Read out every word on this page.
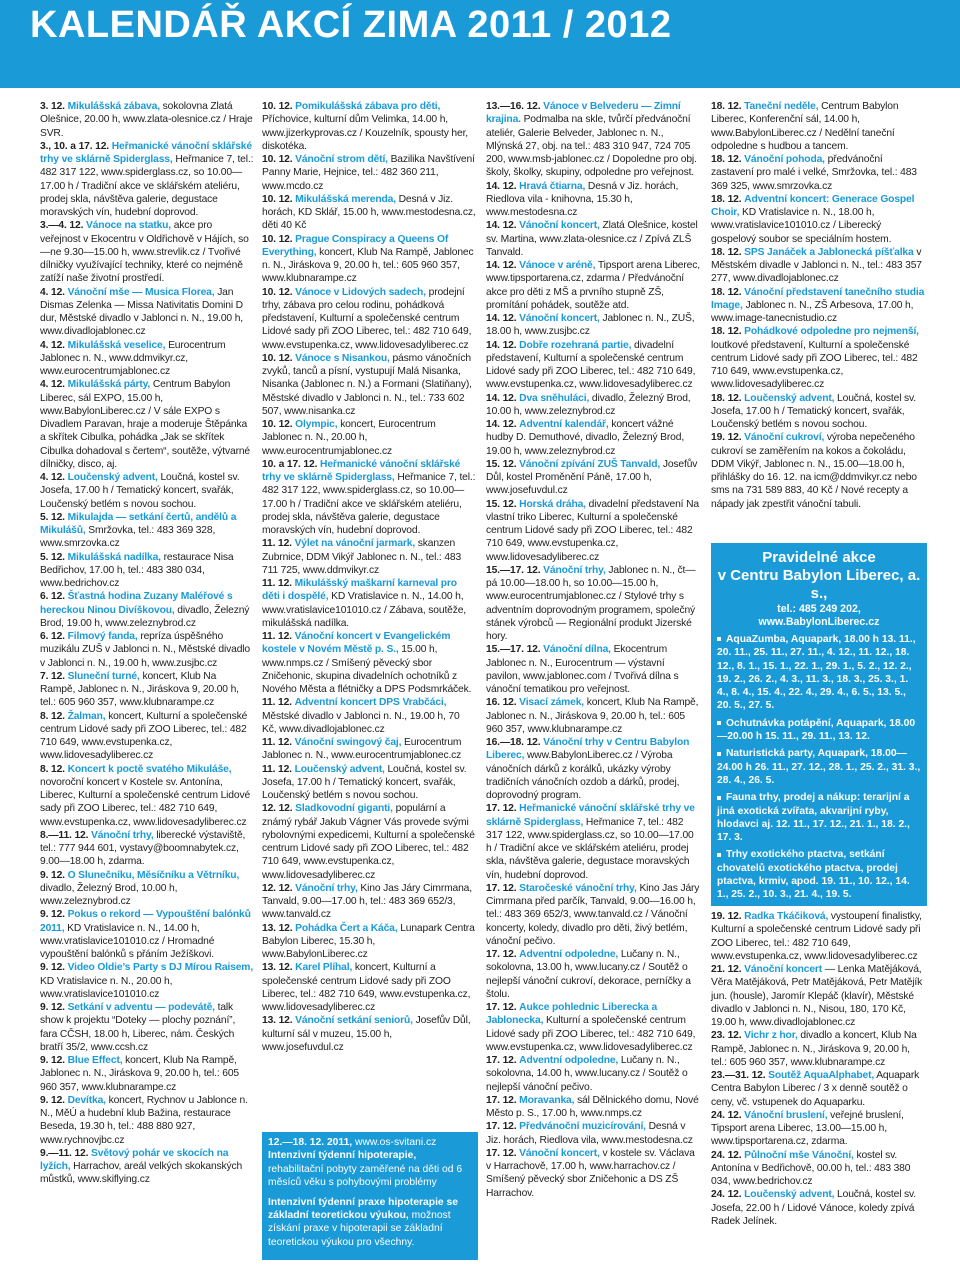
KALENDÁŘ AKCÍ ZIMA 2011 / 2012

3. 12. Mikulášská zábava, sokolovna Zlatá Olešnice, 20.00 h, www.zlata-olesnice.cz / Hraje SVR.

3., 10. a 17. 12. Heřmanické vánoční sklářské trhy ve sklárně Spiderglass, Heřmanice 7, tel.: 482 317 122, www.spiderglass.cz, so 10.00—17.00 h / Tradiční akce ve sklářském ateliéru, prodej skla, návštěva galerie, degustace moravských vín, hudební doprovod.

3.—4. 12. Vánoce na statku, akce pro veřejnost v Ekocentru v Oldřichově v Hájích, so—ne 9.30—15.00 h, www.strevlik.cz / Tvořivé dílničky využívající techniky, které co nejméně zatíží naše životní prostředí.

4. 12. Vánoční mše — Musica Florea, Jan Dismas Zelenka — Missa Nativitatis Domini D dur, Městské divadlo v Jablonci n. N., 19.00 h, www.divadlojablonec.cz

4. 12. Mikulášská veselice, Eurocentrum Jablonec n. N., www.ddmvikyr.cz, www.eurocentrumjablonec.cz

4. 12. Mikulášská párty, Centrum Babylon Liberec, sál EXPO, 15.00 h, www.BabylonLiberec.cz / V sále EXPO s Divadlem Paravan, hraje a moderuje Štěpánka a skřítek Cibulka, pohádka „Jak se skřítek Cibulka dohadoval s čertem“, soutěže, výtvarné dílničky, disco, aj.

4. 12. Loučenský advent, Loučná, kostel sv. Josefa, 17.00 h / Tematický koncert, svařák, Loučenský betlém s novou sochou.

5. 12. Mikulajda — setkání čertů, andělů a Mikulášů, Smržovka, tel.: 483 369 328, www.smrzovka.cz

5. 12. Mikulášská nadílka, restaurace Nisa Bedřichov, 17.00 h, tel.: 483 380 034, www.bedrichov.cz

6. 12. Šťastná hodina Zuzany Maléřové s hereckou Ninou Divíškovou, divadlo, Železný Brod, 19.00 h, www.zeleznybrod.cz

6. 12. Filmový fanda, repríza úspěšného muzikálu ZUŠ v Jablonci n. N., Městské divadlo v Jablonci n. N., 19.00 h, www.zusjbc.cz

7. 12. Sluneční turné, koncert, Klub Na Rampě, Jablonec n. N., Jiráskova 9, 20.00 h, tel.: 605 960 357, www.klubnarampe.cz

8. 12. Žalman, koncert, Kulturní a společenské centrum Lidové sady při ZOO Liberec, tel.: 482 710 649, www.evstupenka.cz, www.lidovesadyliberec.cz

8. 12. Koncert k poctě svatého Mikuláše, novoroční koncert v Kostele sv. Antonína, Liberec, Kulturní a společenské centrum Lidové sady při ZOO Liberec, tel.: 482 710 649, www.evstupenka.cz, www.lidovesadyliberec.cz

8.—11. 12. Vánoční trhy, liberecké výstaviště, tel.: 777 944 601, vystavy@boomnabytek.cz, 9.00—18.00 h, zdarma.

9. 12. O Slunečníku, Měsíčníku a Větrníku, divadlo, Železný Brod, 10.00 h, www.zeleznybrod.cz

9. 12. Pokus o rekord — Vypouštění balónků 2011, KD Vratislavice n. N., 14.00 h, www.vratislavice101010.cz / Hromadné vypouštění balónků s přáním Ježíškovi.

9. 12. Video Oldie’s Party s DJ Mírou Raisem, KD Vratislavice n. N., 20.00 h, www.vratislavice101010.cz

9. 12. Setkání v adventu — podevátě, talk show k projektu “Doteky — plochy poznání”, fara CČSH, 18.00 h, Liberec, nám. Českých bratří 35/2, www.ccsh.cz

9. 12. Blue Effect, koncert, Klub Na Rampě, Jablonec n. N., Jiráskova 9, 20.00 h, tel.: 605 960 357, www.klubnarampe.cz

9. 12. Devítka, koncert, Rychnov u Jablonce n. N., MěÚ a hudební klub Bažina, restaurace Beseda, 19.30 h, tel.: 488 880 927, www.rychnovjbc.cz

9.—11. 12. Světový pohár ve skocích na lyžích, Harrachov, areál velkých skokanských můstků, www.skiflying.cz

10. 12. Pomikulášská zábava pro děti, Příchovice, kulturní dům Velimka, 14.00 h, www.jizerkyprovas.cz / Kouzelník, spousty her, diskotéka.

10. 12. Vánoční strom dětí, Bazilika Navštívení Panny Marie, Hejnice, tel.: 482 360 211, www.mcdo.cz

10. 12. Mikulášská merenda, Desná v Jiz. horách, KD Sklář, 15.00 h, www.mestodesna.cz, děti 40 Kč

10. 12. Prague Conspiracy a Queens Of Everything, koncert, Klub Na Rampě, Jablonec n. N., Jiráskova 9, 20.00 h, tel.: 605 960 357, www.klubnarampe.cz

10. 12. Vánoce v Lidových sadech, prodejní trhy, zábava pro celou rodinu, pohádková představení, Kulturní a společenské centrum Lidové sady při ZOO Liberec, tel.: 482 710 649, www.evstupenka.cz, www.lidovesadyliberec.cz

10. 12. Vánoce s Nisankou, pásmo vánočních zvyků, tanců a písní, vystupují Malá Nisanka, Nisanka (Jablonec n. N.) a Formani (Slatiňany), Městské divadlo v Jablonci n. N., tel.: 733 602 507, www.nisanka.cz

10. 12. Olympic, koncert, Eurocentrum Jablonec n. N., 20.00 h, www.eurocentrumjablonec.cz

10. a 17. 12. Heřmanické vánoční sklářské trhy ve sklárně Spiderglass, Heřmanice 7, tel.: 482 317 122, www.spiderglass.cz, so 10.00—17.00 h / Tradiční akce ve sklářském ateliéru, prodej skla, návštěva galerie, degustace moravských vín, hudební doprovod.

11. 12. Výlet na vánoční jarmark, skanzen Zubrnice, DDM Vikýř Jablonec n. N., tel.: 483 711 725, www.ddmvikyr.cz

11. 12. Mikulášský maškarní karneval pro děti i dospělé, KD Vratislavice n. N., 14.00 h, www.vratislavice101010.cz / Zábava, soutěže, mikulášská nadílka.

11. 12. Vánoční koncert v Evangelickém kostele v Novém Městě p. S., 15.00 h, www.nmps.cz / Smíšený pěvecký sbor Zničehonic, skupina divadelních ochotníků z Nového Města a flétničky a DPS Podsmrkáček.

11. 12. Adventní koncert DPS Vrabčáci, Městské divadlo v Jablonci n. N., 19.00 h, 70 Kč, www.divadlojablonec.cz

11. 12. Vánoční swingový čaj, Eurocentrum Jablonec n. N., www.eurocentrumjablonec.cz

11. 12. Loučenský advent, Loučná, kostel sv. Josefa, 17.00 h / Tematický koncert, svařák, Loučenský betlém s novou sochou.

12. 12. Sladkovodní giganti, populární a známý rybář Jakub Vágner Vás provede svými rybolovnými expedicemi, Kulturní a společenské centrum Lidové sady při ZOO Liberec, tel.: 482 710 649, www.evstupenka.cz, www.lidovesadyliberec.cz

12. 12. Vánoční trhy, Kino Jas Járy Cimrmana, Tanvald, 9.00—17.00 h, tel.: 483 369 652/3, www.tanvald.cz

13. 12. Pohádka Čert a Káča, Lunapark Centra Babylon Liberec, 15.30 h, www.BabylonLiberec.cz

13. 12. Karel Plíhal, koncert, Kulturní a společenské centrum Lidové sady při ZOO Liberec, tel.: 482 710 649, www.evstupenka.cz, www.lidovesadyliberec.cz

13. 12. Vánoční setkání seniorů, Josefův Důl, kulturní sál v muzeu, 15.00 h, www.josefuvdul.cz

13.—16. 12. Vánoce v Belvederu — Zimní krajina. Podmalba na skle, tvůrčí předvánoční ateliér, Galerie Belveder, Jablonec n. N., Mlýnská 27, obj. na tel.: 483 310 947, 724 705 200, www.msb-jablonec.cz / Dopoledne pro obj. školy, školky, skupiny, odpoledne pro veřejnost.

14. 12. Hravá čtiarna, Desná v Jiz. horách, Riedlova vila - knihovna, 15.30 h, www.mestodesna.cz

14. 12. Vánoční koncert, Zlatá Olešnice, kostel sv. Martina, www.zlata-olesnice.cz / Zpívá ZLŠ Tanvald.

14. 12. Vánoce v aréně, Tipsport arena Liberec, www.tipsportarena.cz, zdarma / Předvánoční akce pro děti z MŠ a prvního stupně ZŠ, promítání pohádek, soutěže atd.

14. 12. Vánoční koncert, Jablonec n. N., ZUŠ, 18.00 h, www.zusjbc.cz

14. 12. Dobře rozehraná partie, divadelní představení, Kulturní a společenské centrum Lidové sady při ZOO Liberec, tel.: 482 710 649, www.evstupenka.cz, www.lidovesadyliberec.cz

14. 12. Dva sněhuláci, divadlo, Železný Brod, 10.00 h, www.zeleznybrod.cz

14. 12. Adventní kalendář, koncert vážné hudby D. Demuthové, divadlo, Železný Brod, 19.00 h, www.zeleznybrod.cz

15. 12. Vánoční zpívání ZUŠ Tanvald, Josefův Důl, kostel Proměnění Páně, 17.00 h, www.josefuvdul.cz

15. 12. Horská dráha, divadelní představení Na vlastní triko Liberec, Kulturní a společenské centrum Lidové sady při ZOO Liberec, tel.: 482 710 649, www.evstupenka.cz, www.lidovesadyliberec.cz

15.—17. 12. Vánoční trhy, Jablonec n. N., čt—pá 10.00—18.00 h, so 10.00—15.00 h, www.eurocentrumjablonec.cz / Stylové trhy s adventním doprovodným programem, společný stánek výrobců — Regionální produkt Jizerské hory.

15.—17. 12. Vánoční dílna, Ekocentrum Jablonec n. N., Eurocentrum — výstavní pavilon, www.jablonec.com / Tvořivá dílna s vánoční tematikou pro veřejnost.

16. 12. Visací zámek, koncert, Klub Na Rampě, Jablonec n. N., Jiráskova 9, 20.00 h, tel.: 605 960 357, www.klubnarampe.cz

16.—18. 12. Vánoční trhy v Centru Babylon Liberec, www.BabylonLiberec.cz / Výroba vánočních dárků z korálků, ukázky výroby tradičních vánočních ozdob a dárků, prodej, doprovodný program.

17. 12. Heřmanické vánoční sklářské trhy ve sklárně Spiderglass, Heřmanice 7, tel.: 482 317 122, www.spiderglass.cz, so 10.00—17.00 h / Tradiční akce ve sklářském ateliéru, prodej skla, návštěva galerie, degustace moravských vín, hudební doprovod.

17. 12. Staročeské vánoční trhy, Kino Jas Járy Cimrmana před parčík, Tanvald, 9.00—16.00 h, tel.: 483 369 652/3, www.tanvald.cz / Vánoční koncerty, koledy, divadlo pro děti, živý betlém, vánoční pečivo.

17. 12. Adventní odpoledne, Lučany n. N., sokolovna, 13.00 h, www.lucany.cz / Soutěž o nejlepší vánoční cukroví, dekorace, perníčky a štolu.

17. 12. Aukce pohlednic Liberecka a Jablonecka, Kulturní a společenské centrum Lidové sady při ZOO Liberec, tel.: 482 710 649, www.evstupenka.cz, www.lidovesadyliberec.cz

17. 12. Adventní odpoledne, Lučany n. N., sokolovna, 14.00 h, www.lucany.cz / Soutěž o nejlepší vánoční pečivo.

17. 12. Moravanka, sál Dělnického domu, Nové Město p. S., 17.00 h, www.nmps.cz

17. 12. Předvánoční muzicírování, Desná v Jiz. horách, Riedlova vila, www.mestodesna.cz

17. 12. Vánoční koncert, v kostele sv. Václava v Harrachově, 17.00 h, www.harrachov.cz / Smíšený pěvecký sbor Zničehonic a DS ZŠ Harrachov.

18. 12. Taneční neděle, Centrum Babylon Liberec, Konferenční sál, 14.00 h, www.BabylonLiberec.cz / Nedělní taneční odpoledne s hudbou a tancem.

18. 12. Vánoční pohoda, předvánoční zastavení pro malé i velké, Smržovka, tel.: 483 369 325, www.smrzovka.cz

18. 12. Adventní koncert: Generace Gospel Choir, KD Vratislavice n. N., 18.00 h, www.vratislavice101010.cz / Liberecký gospelový soubor se speciálním hostem.

18. 12. SPS Janáček a Jablonecká píšťalka v Městském divadle v Jablonci n. N., tel.: 483 357 277, www.divadlojablonec.cz

18. 12. Vánoční představení tanečního studia Image, Jablonec n. N., ZŠ Arbesova, 17.00 h, www.image-tanecnistudio.cz

18. 12. Pohádkové odpoledne pro nejmenší, loutkové představení, Kulturní a společenské centrum Lidové sady při ZOO Liberec, tel.: 482 710 649, www.evstupenka.cz, www.lidovesadyliberec.cz

18. 12. Loučenský advent, Loučná, kostel sv. Josefa, 17.00 h / Tematický koncert, svařák, Loučenský betlém s novou sochou.

19. 12. Vánoční cukroví, výroba nepečeného cukroví se zaměřením na kokos a čokoládu, DDM Vikýř, Jablonec n. N., 15.00—18.00 h, přihlášky do 16. 12. na icm@ddmvikyr.cz nebo sms na 731 589 883, 40 Kč / Nové recepty a nápady jak zpestřit vánoční tabuli.

19. 12. Radka Tkáčiková, vystoupení finalistky, Kulturní a společenské centrum Lidové sady při ZOO Liberec, tel.: 482 710 649, www.evstupenka.cz, www.lidovesadyliberec.cz

21. 12. Vánoční koncert — Lenka Matějáková, Věra Matějáková, Petr Matějáková, Petr Matějík jun. (housle), Jaromír Klepáč (klavír), Městské divadlo v Jablonci n. N., Nisou, 180, 170 Kč, 19.00 h, www.divadlojablonec.cz

23. 12. Vichr z hor, divadlo a koncert, Klub Na Rampě, Jablonec n. N., Jiráskova 9, 20.00 h, tel.: 605 960 357, www.klubnarampe.cz

23.—31. 12. Soutěž AquaAlphabet, Aquapark Centra Babylon Liberec / 3 x denně soutěž o ceny, vč. vstupenek do Aquaparku.

24. 12. Vánoční bruslení, veřejné bruslení, Tipsport arena Liberec, 13.00—15.00 h, www.tipsportarena.cz, zdarma.

24. 12. Půlnoční mše Vánoční, kostel sv. Antonína v Bedřichově, 00.00 h, tel.: 483 380 034, www.bedrichov.cz

24. 12. Loučenský advent, Loučná, kostel sv. Josefa, 22.00 h / Lidové Vánoce, koledy zpívá Radek Jelínek.

12.—18. 12. 2011, www.os-svitani.cz
Intenzivní týdenní hipoterapie, rehabilitační pobyty zaměřené na děti od 6 měsíců věku s pohybovými problémy
Intenzivní týdenní praxe hipoterapie se základní teoretickou výukou, možnost získání praxe v hipoterapii se základní teoretickou výukou pro všechny.
Pravidelné akce
v Centru Babylon Liberec, a. s.,
tel.: 485 249 202, www.BabylonLiberec.cz
AquaZumba, Aquapark, 18.00 h 13. 11., 20. 11., 25. 11., 27. 11., 4. 12., 11. 12., 18. 12., 8. 1., 15. 1., 22. 1., 29. 1., 5. 2., 12. 2., 19. 2., 26. 2., 4. 3., 11. 3., 18. 3., 25. 3., 1. 4., 8. 4., 15. 4., 22. 4., 29. 4., 6. 5., 13. 5., 20. 5., 27. 5.
Ochutnávka potápění, Aquapark, 18.00—20.00 h 15. 11., 29. 11., 13. 12.
Naturistická party, Aquapark, 18.00—24.00 h 26. 11., 27. 12., 28. 1., 25. 2., 31. 3., 28. 4., 26. 5.
Fauna trhy, prodej a nákup: terarijní a jiná exotická zvířata, akvarijní ryby, hlodavci aj. 12. 11., 17. 12., 21. 1., 18. 2., 17. 3.
Trhy exotického ptactva, setkání chovatelů exotického ptactva, prodej ptactva, krmiv, apod. 19. 11., 10. 12., 14. 1., 25. 2., 10. 3., 21. 4., 19. 5.
